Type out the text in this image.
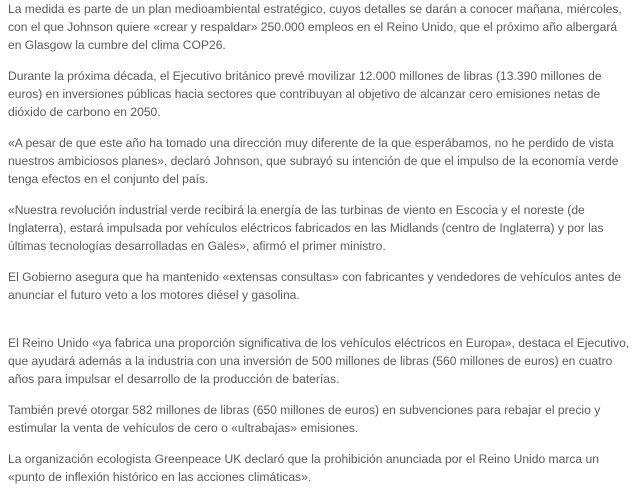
La medida es parte de un plan medioambiental estratégico, cuyos detalles se darán a conocer mañana, miércoles, con el que Johnson quiere «crear y respaldar» 250.000 empleos en el Reino Unido, que el próximo año albergará en Glasgow la cumbre del clima COP26.

Durante la próxima década, el Ejecutivo británico prevé movilizar 12.000 millones de libras (13.390 millones de euros) en inversiones públicas hacia sectores que contribuyan al objetivo de alcanzar cero emisiones netas de dióxido de carbono en 2050.

«A pesar de que este año ha tomado una dirección muy diferente de la que esperábamos, no he perdido de vista nuestros ambiciosos planes», declaró Johnson, que subrayó su intención de que el impulso de la economía verde tenga efectos en el conjunto del país.

«Nuestra revolución industrial verde recibirá la energía de las turbinas de viento en Escocia y el noreste (de Inglaterra), estará impulsada por vehículos eléctricos fabricados en las Midlands (centro de Inglaterra) y por las últimas tecnologías desarrolladas en Gales», afirmó el primer ministro.

El Gobierno asegura que ha mantenido «extensas consultas» con fabricantes y vendedores de vehículos antes de anunciar el futuro veto a los motores diésel y gasolina.

El Reino Unido «ya fabrica una proporción significativa de los vehículos eléctricos en Europa», destaca el Ejecutivo, que ayudará además a la industria con una inversión de 500 millones de libras (560 millones de euros) en cuatro años para impulsar el desarrollo de la producción de baterías.

También prevé otorgar 582 millones de libras (650 millones de euros) en subvenciones para rebajar el precio y estimular la venta de vehículos de cero o «ultrabajas» emisiones.

La organización ecologista Greenpeace UK declaró que la prohibición anunciada por el Reino Unido marca un «punto de inflexión histórico en las acciones climáticas».
